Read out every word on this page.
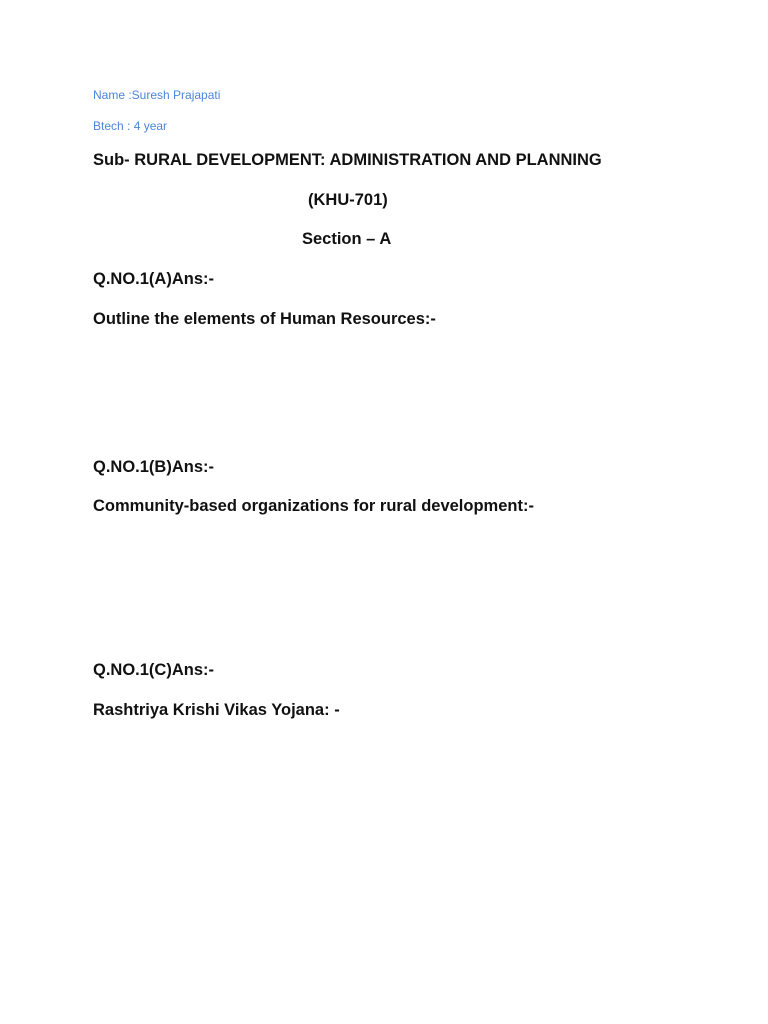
Name :Suresh Prajapati
Btech : 4 year
Sub- RURAL DEVELOPMENT: ADMINISTRATION AND PLANNING
(KHU-701)
Section – A
Q.NO.1(A)Ans:-
Outline the elements of Human Resources:-
Q.NO.1(B)Ans:-
Community-based organizations for rural development:-
Q.NO.1(C)Ans:-
Rashtriya Krishi Vikas Yojana: -
